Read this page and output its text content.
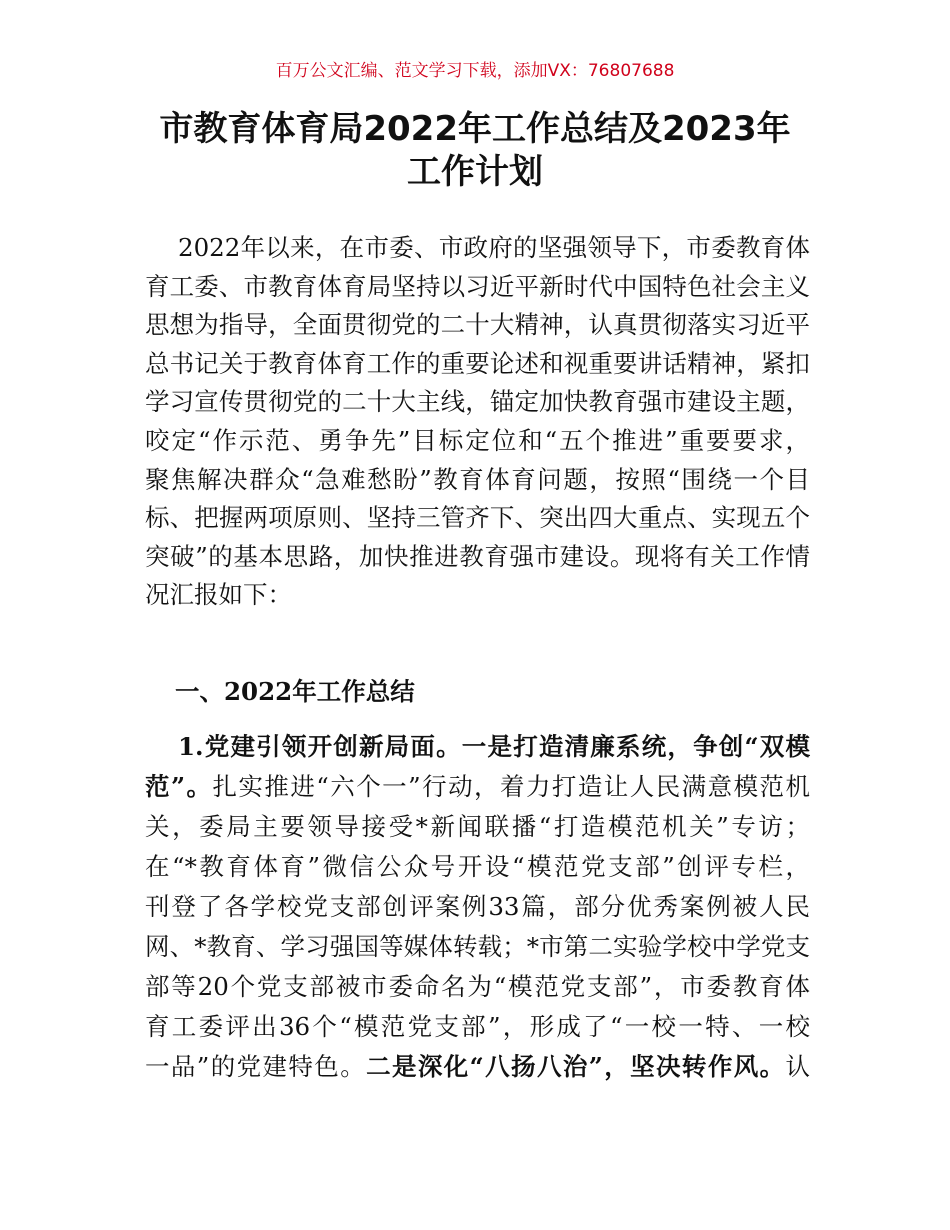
百万公文汇编、范文学习下载，添加VX：76807688
市教育体育局2022年工作总结及2023年
工作计划
2022年以来，在市委、市政府的坚强领导下，市委教育体
育工委、市教育体育局坚持以习近平新时代中国特色社会主义
思想为指导，全面贯彻党的二十大精神，认真贯彻落实习近平
总书记关于教育体育工作的重要论述和视重要讲话精神，紧扣
学习宣传贯彻党的二十大主线，锚定加快教育强市建设主题，
咬定“作示范、勇争先”目标定位和“五个推进”重要要求，
聚焦解决群众“急难愁盼”教育体育问题，按照“围绕一个目
标、把握两项原则、坚持三管齐下、突出四大重点、实现五个
突破”的基本思路，加快推进教育强市建设。现将有关工作情
况汇报如下：
一、2022年工作总结
1.党建引领开创新局面。一是打造清廉系统，争创“双模
范”。扎实推进“六个一”行动，着力打造让人民满意模范机
关，委局主要领导接受*新闻联播“打造模范机关”专访；
在“*教育体育”微信公众号开设“模范党支部”创评专栏，
刊登了各学校党支部创评案例33篇，部分优秀案例被人民
网、*教育、学习强国等媒体转载；*市第二实验学校中学党支
部等20个党支部被市委命名为“模范党支部”，市委教育体
育工委评出36个“模范党支部”，形成了“一校一特、一校
一品”的党建特色。二是深化“八扬八治”，坚决转作风。认
